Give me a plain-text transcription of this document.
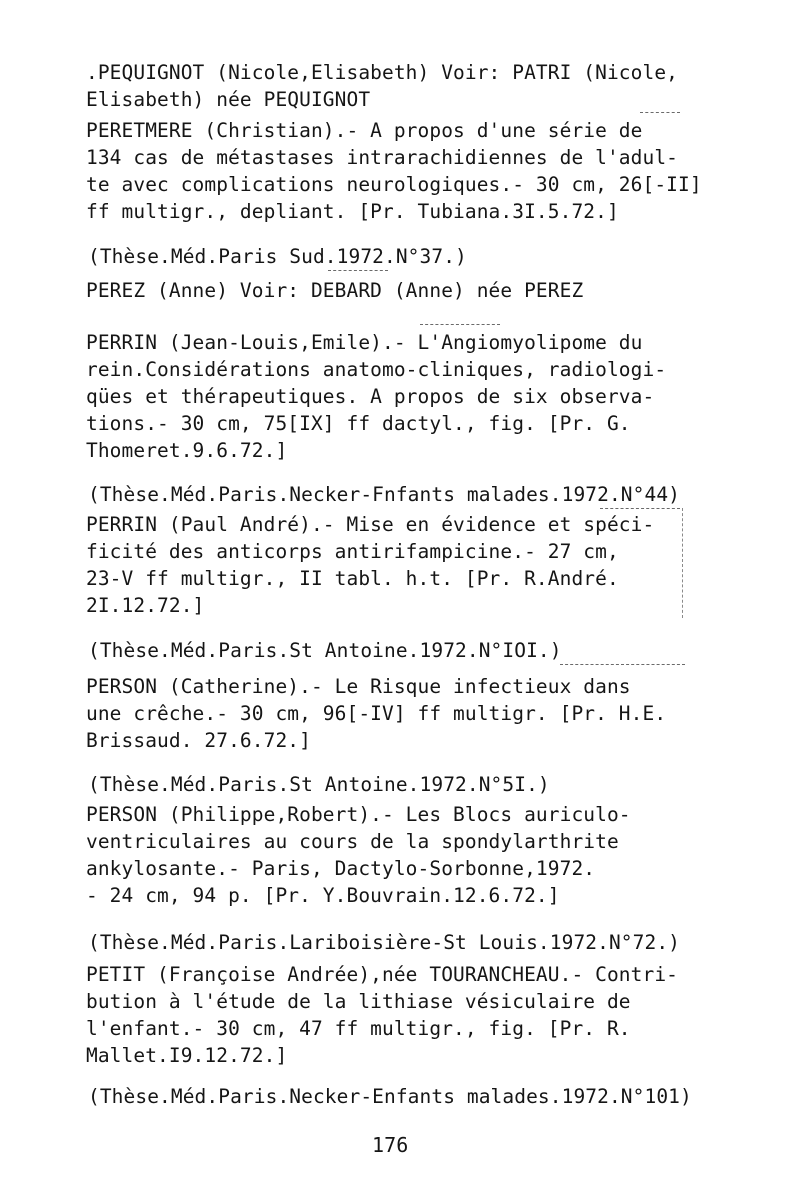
.PEQUIGNOT (Nicole,Elisabeth) Voir: PATRI (Nicole,
Elisabeth) née PEQUIGNOT
PERETMERE (Christian).- A propos d'une série de
134 cas de métastases intrarachidiennes de l'adul-
te avec complications neurologiques.- 30 cm, 26[-II]
ff multigr., depliant. [Pr. Tubiana.3I.5.72.]
(Thèse.Méd.Paris Sud.1972.N°37.)
PEREZ (Anne) Voir: DEBARD (Anne) née PEREZ
PERRIN (Jean-Louis,Emile).- L'Angiomyolipome du
rein.Considérations anatomo-cliniques, radiologi-
qües et thérapeutiques. A propos de six observa-
tions.- 30 cm, 75[IX] ff dactyl., fig. [Pr. G.
Thomeret.9.6.72.]
(Thèse.Méd.Paris.Necker-Fnfants malades.1972.N°44)
PERRIN (Paul André).- Mise en évidence et spéci-
ficité des anticorps antirifampicine.- 27 cm,
23-V ff multigr., II tabl. h.t. [Pr. R.André.
2I.12.72.]
(Thèse.Méd.Paris.St Antoine.1972.N°IOI.)
PERSON (Catherine).- Le Risque infectieux dans
une crêche.- 30 cm, 96[-IV] ff multigr. [Pr. H.E.
Brissaud. 27.6.72.]
(Thèse.Méd.Paris.St Antoine.1972.N°5I.)
PERSON (Philippe,Robert).- Les Blocs auriculo-
ventriculaires au cours de la spondylarthrite
ankylosante.- Paris, Dactylo-Sorbonne,1972.
- 24 cm, 94 p. [Pr. Y.Bouvrain.12.6.72.]
(Thèse.Méd.Paris.Lariboisière-St Louis.1972.N°72.)
PETIT (Françoise Andrée),née TOURANCHEAU.- Contri-
bution à l'étude de la lithiase vésiculaire de
l'enfant.- 30 cm, 47 ff multigr., fig. [Pr. R.
Mallet.I9.12.72.]
(Thèse.Méd.Paris.Necker-Enfants malades.1972.N°101)
176
